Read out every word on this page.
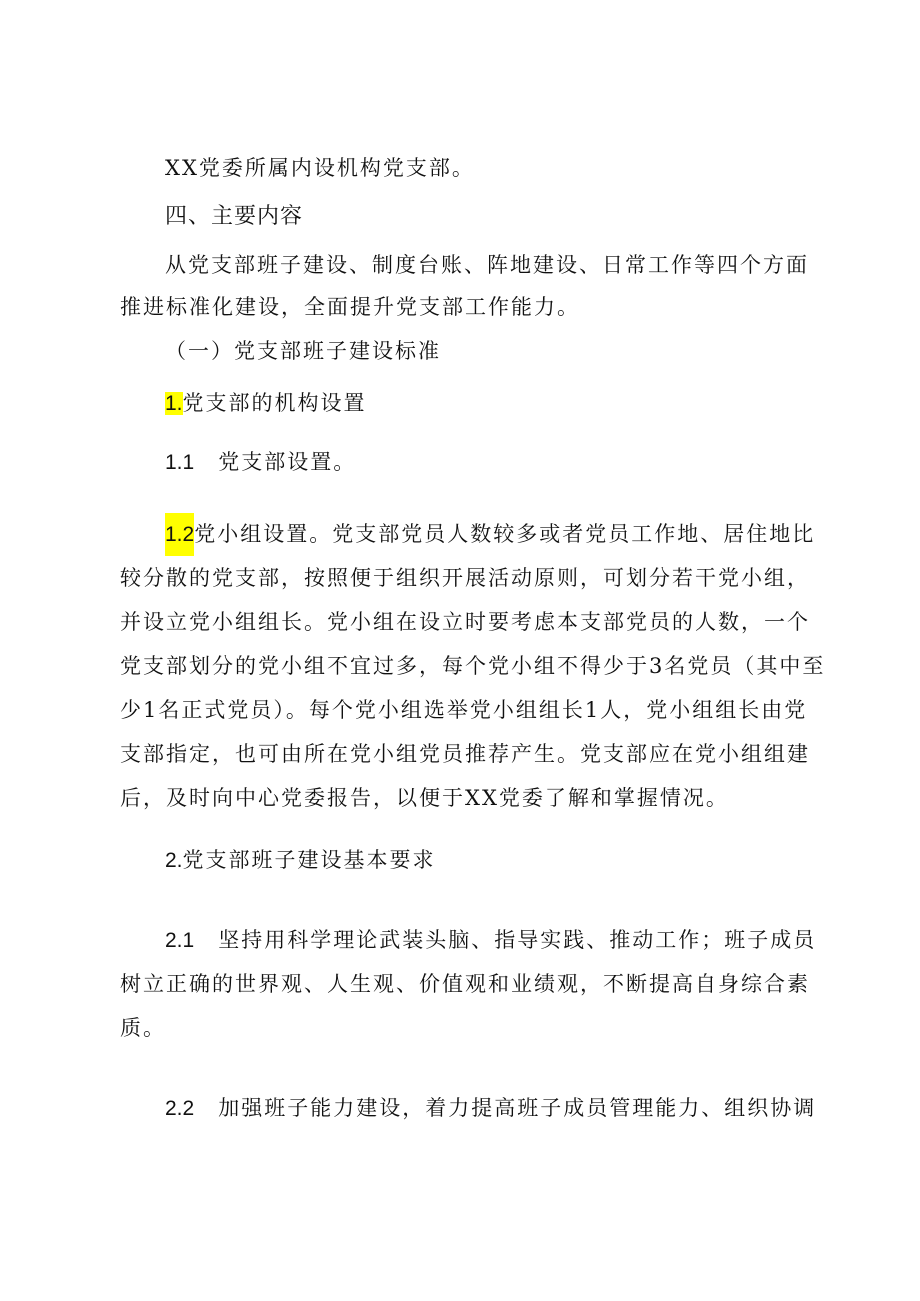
XX党委所属内设机构党支部。
四、主要内容
从党支部班子建设、制度台账、阵地建设、日常工作等四个方面
推进标准化建设，全面提升党支部工作能力。
（一）党支部班子建设标准
1.党支部的机构设置
1.1 党支部设置。
1.2党小组设置。党支部党员人数较多或者党员工作地、居住地比
较分散的党支部，按照便于组织开展活动原则，可划分若干党小组，
并设立党小组组长。党小组在设立时要考虑本支部党员的人数，一个
党支部划分的党小组不宜过多，每个党小组不得少于3名党员（其中至
少1名正式党员）。每个党小组选举党小组组长1人，党小组组长由党
支部指定，也可由所在党小组党员推荐产生。党支部应在党小组组建
后，及时向中心党委报告，以便于XX党委了解和掌握情况。
2.党支部班子建设基本要求
2.1 坚持用科学理论武装头脑、指导实践、推动工作；班子成员
树立正确的世界观、人生观、价值观和业绩观，不断提高自身综合素
质。
2.2 加强班子能力建设，着力提高班子成员管理能力、组织协调
